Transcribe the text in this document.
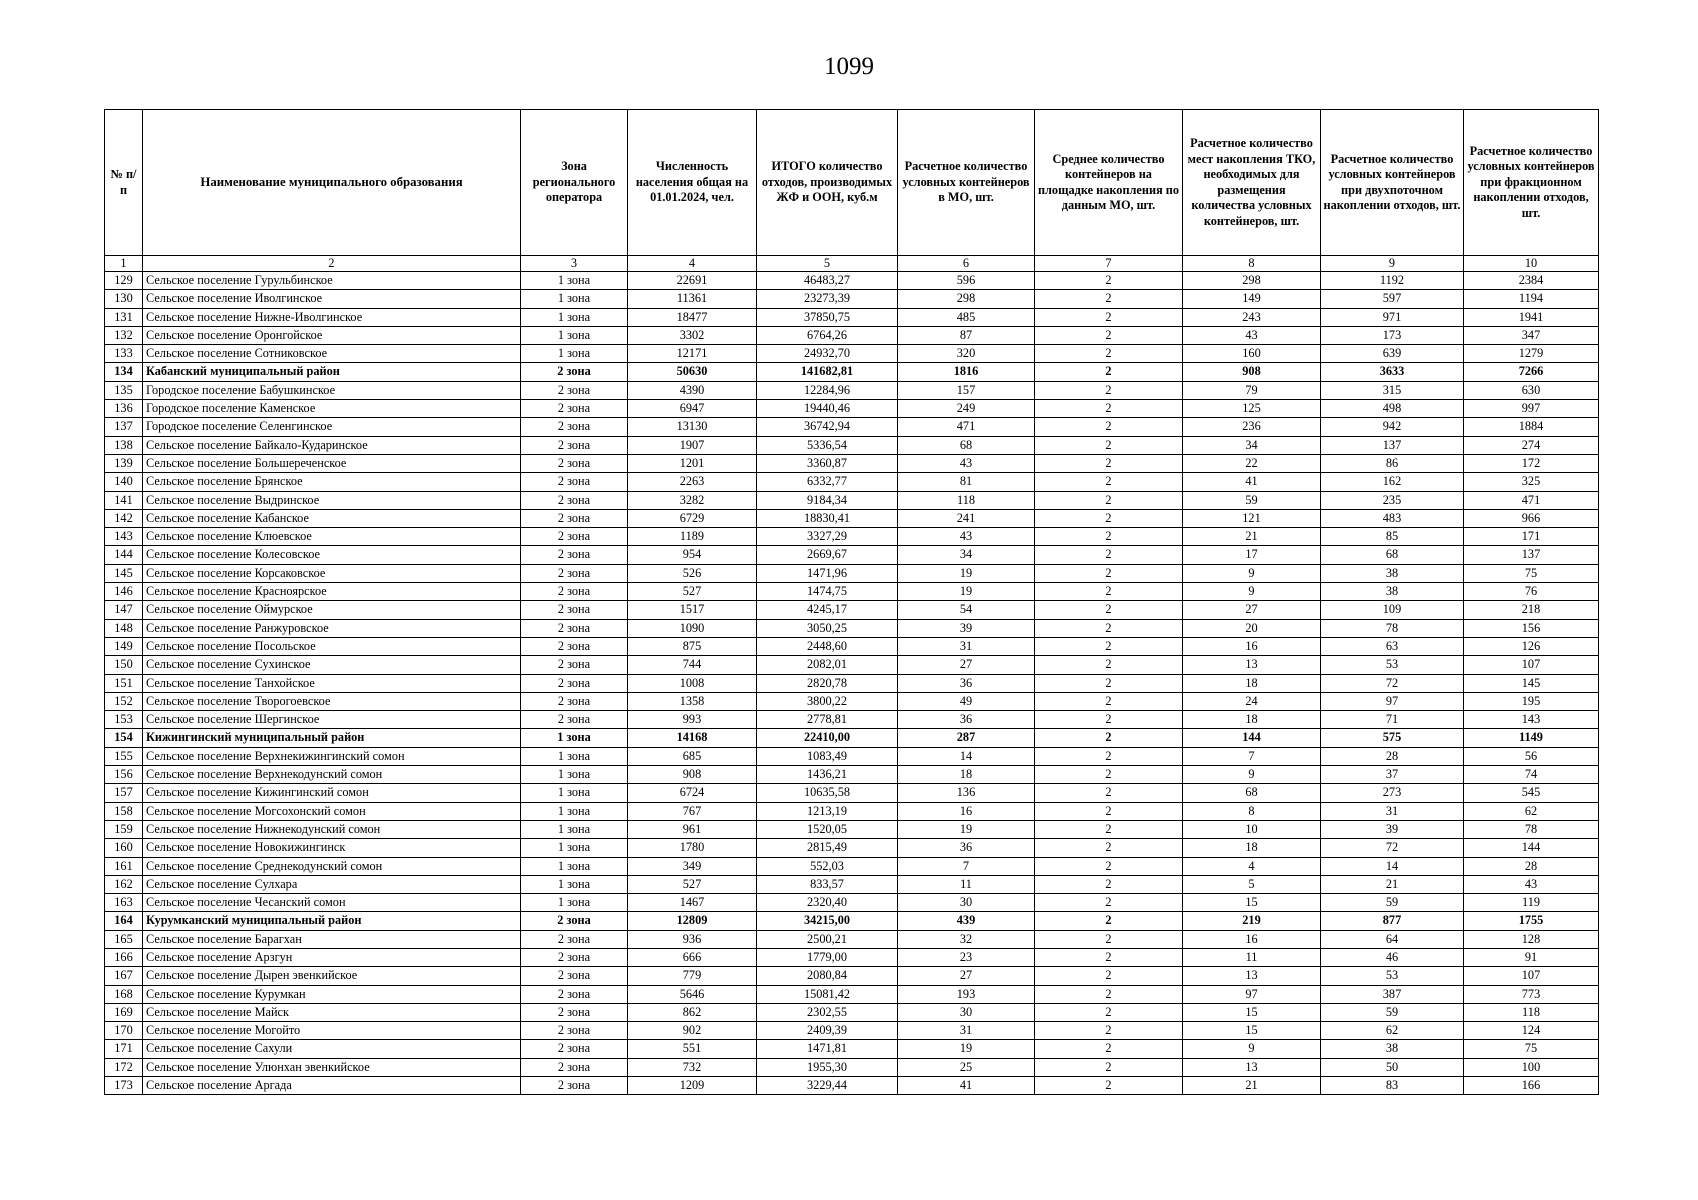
1099
№ п/п	Наименование муниципального образования	Зона регионального оператора	Численность населения общая на 01.01.2024, чел.	ИТОГО количество отходов, производимых ЖФ и ООН, куб.м	Расчетное количество условных контейнеров в МО, шт.	Среднее количество контейнеров на площадке накопления по данным МО, шт.	Расчетное количество мест накопления ТКО, необходимых для размещения количества условных контейнеров, шт.	Расчетное количество условных контейнеров при двухпоточном накоплении отходов, шт.	Расчетное количество условных контейнеров при фракционном накоплении отходов, шт.
1	2	3	4	5	6	7	8	9	10
129	Сельское поселение Гурульбинское	1 зона	22691	46483,27	596	2	298	1192	2384
130	Сельское поселение Иволгинское	1 зона	11361	23273,39	298	2	149	597	1194
131	Сельское поселение Нижне-Иволгинское	1 зона	18477	37850,75	485	2	243	971	1941
132	Сельское поселение Оронгойское	1 зона	3302	6764,26	87	2	43	173	347
133	Сельское поселение Сотниковское	1 зона	12171	24932,70	320	2	160	639	1279
134	Кабанский муниципальный район	2 зона	50630	141682,81	1816	2	908	3633	7266
135	Городское поселение Бабушкинское	2 зона	4390	12284,96	157	2	79	315	630
136	Городское поселение Каменское	2 зона	6947	19440,46	249	2	125	498	997
137	Городское поселение Селенгинское	2 зона	13130	36742,94	471	2	236	942	1884
138	Сельское поселение Байкало-Кударинское	2 зона	1907	5336,54	68	2	34	137	274
139	Сельское поселение Большереченское	2 зона	1201	3360,87	43	2	22	86	172
140	Сельское поселение Брянское	2 зона	2263	6332,77	81	2	41	162	325
141	Сельское поселение Выдринское	2 зона	3282	9184,34	118	2	59	235	471
142	Сельское поселение Кабанское	2 зона	6729	18830,41	241	2	121	483	966
143	Сельское поселение Клюевское	2 зона	1189	3327,29	43	2	21	85	171
144	Сельское поселение Колесовское	2 зона	954	2669,67	34	2	17	68	137
145	Сельское поселение Корсаковское	2 зона	526	1471,96	19	2	9	38	75
146	Сельское поселение Красноярское	2 зона	527	1474,75	19	2	9	38	76
147	Сельское поселение Оймурское	2 зона	1517	4245,17	54	2	27	109	218
148	Сельское поселение Ранжуровское	2 зона	1090	3050,25	39	2	20	78	156
149	Сельское поселение Посольское	2 зона	875	2448,60	31	2	16	63	126
150	Сельское поселение Сухинское	2 зона	744	2082,01	27	2	13	53	107
151	Сельское поселение Танхойское	2 зона	1008	2820,78	36	2	18	72	145
152	Сельское поселение Творогоевское	2 зона	1358	3800,22	49	2	24	97	195
153	Сельское поселение Шергинское	2 зона	993	2778,81	36	2	18	71	143
154	Кижингинский муниципальный район	1 зона	14168	22410,00	287	2	144	575	1149
155	Сельское поселение Верхнекижингинский сомон	1 зона	685	1083,49	14	2	7	28	56
156	Сельское поселение Верхнекодунский сомон	1 зона	908	1436,21	18	2	9	37	74
157	Сельское поселение Кижингинский сомон	1 зона	6724	10635,58	136	2	68	273	545
158	Сельское поселение Могсохонский сомон	1 зона	767	1213,19	16	2	8	31	62
159	Сельское поселение Нижнекодунский сомон	1 зона	961	1520,05	19	2	10	39	78
160	Сельское поселение Новокижингинск	1 зона	1780	2815,49	36	2	18	72	144
161	Сельское поселение Среднекодунский сомон	1 зона	349	552,03	7	2	4	14	28
162	Сельское поселение Сулхара	1 зона	527	833,57	11	2	5	21	43
163	Сельское поселение Чесанский сомон	1 зона	1467	2320,40	30	2	15	59	119
164	Курумканский муниципальный район	2 зона	12809	34215,00	439	2	219	877	1755
165	Сельское поселение Барагхан	2 зона	936	2500,21	32	2	16	64	128
166	Сельское поселение Арзгун	2 зона	666	1779,00	23	2	11	46	91
167	Сельское поселение Дырен эвенкийское	2 зона	779	2080,84	27	2	13	53	107
168	Сельское поселение Курумкан	2 зона	5646	15081,42	193	2	97	387	773
169	Сельское поселение Майск	2 зона	862	2302,55	30	2	15	59	118
170	Сельское поселение Могойто	2 зона	902	2409,39	31	2	15	62	124
171	Сельское поселение Сахули	2 зона	551	1471,81	19	2	9	38	75
172	Сельское поселение Улюнхан эвенкийское	2 зона	732	1955,30	25	2	13	50	100
173	Сельское поселение Аргада	2 зона	1209	3229,44	41	2	21	83	166
